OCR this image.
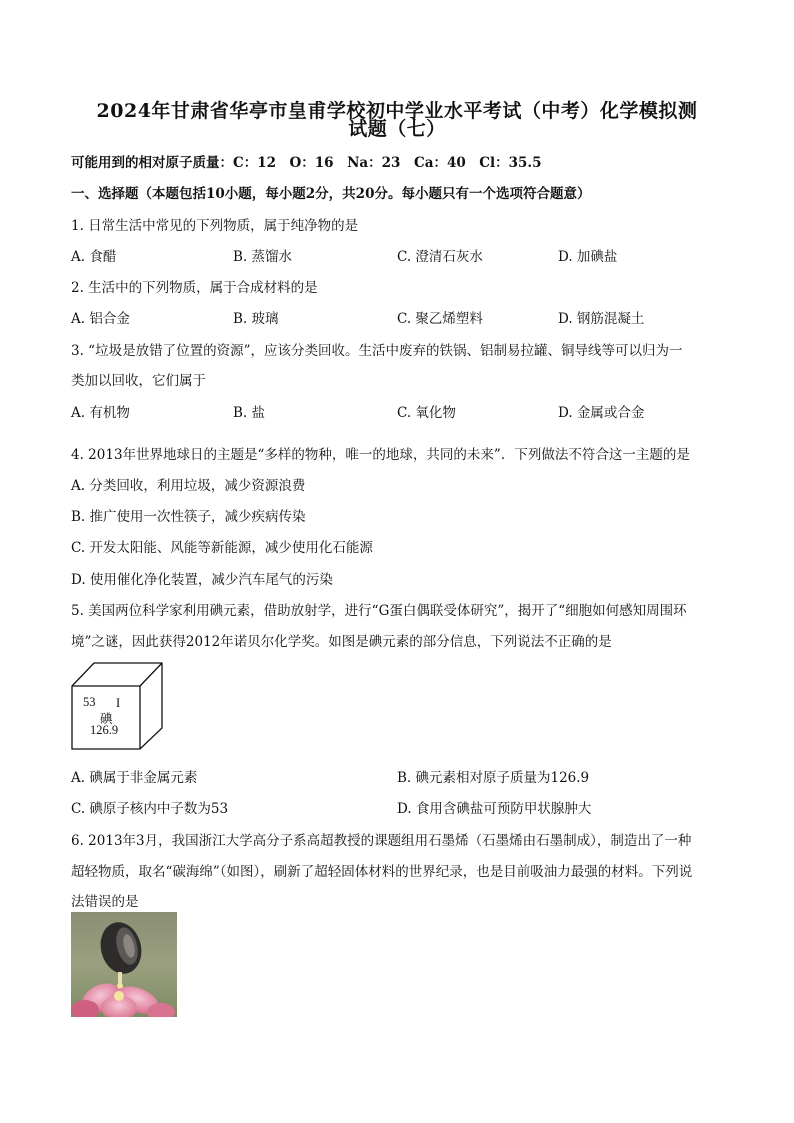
2024年甘肃省华亭市皇甫学校初中学业水平考试（中考）化学模拟测
试题（七）
可能用到的相对原子质量：C：12　O：16　Na：23　Ca：40　Cl：35.5
一、选择题（本题包括10小题，每小题2分，共20分。每小题只有一个选项符合题意）
1. 日常生活中常见的下列物质，属于纯净物的是
A. 食醋	B. 蒸馏水	C. 澄清石灰水	D. 加碘盐
2. 生活中的下列物质，属于合成材料的是
A. 铝合金	B. 玻璃	C. 聚乙烯塑料	D. 钢筋混凝土
3. “垃圾是放错了位置的资源”，应该分类回收。生活中废弃的铁锅、铝制易拉罐、铜导线等可以归为一
类加以回收，它们属于
A. 有机物	B. 盐	C. 氧化物	D. 金属或合金
4. 2013年世界地球日的主题是“多样的物种，唯一的地球，共同的未来”．下列做法不符合这一主题的是
A. 分类回收，利用垃圾，减少资源浪费
B. 推广使用一次性筷子，减少疾病传染
C. 开发太阳能、风能等新能源，减少使用化石能源
D. 使用催化净化装置，减少汽车尾气的污染
5. 美国两位科学家利用碘元素，借助放射学，进行“G蛋白偶联受体研究”，揭开了“细胞如何感知周围环
境”之谜，因此获得2012年诺贝尔化学奖。如图是碘元素的部分信息，下列说法不正确的是
53 I
碘
126.9
A. 碘属于非金属元素	B. 碘元素相对原子质量为126.9
C. 碘原子核内中子数为53	D. 食用含碘盐可预防甲状腺肿大
6. 2013年3月，我国浙江大学高分子系高超教授的课题组用石墨烯（石墨烯由石墨制成），制造出了一种
超轻物质，取名“碳海绵”（如图），刷新了超轻固体材料的世界纪录，也是目前吸油力最强的材料。下列说
法错误的是
